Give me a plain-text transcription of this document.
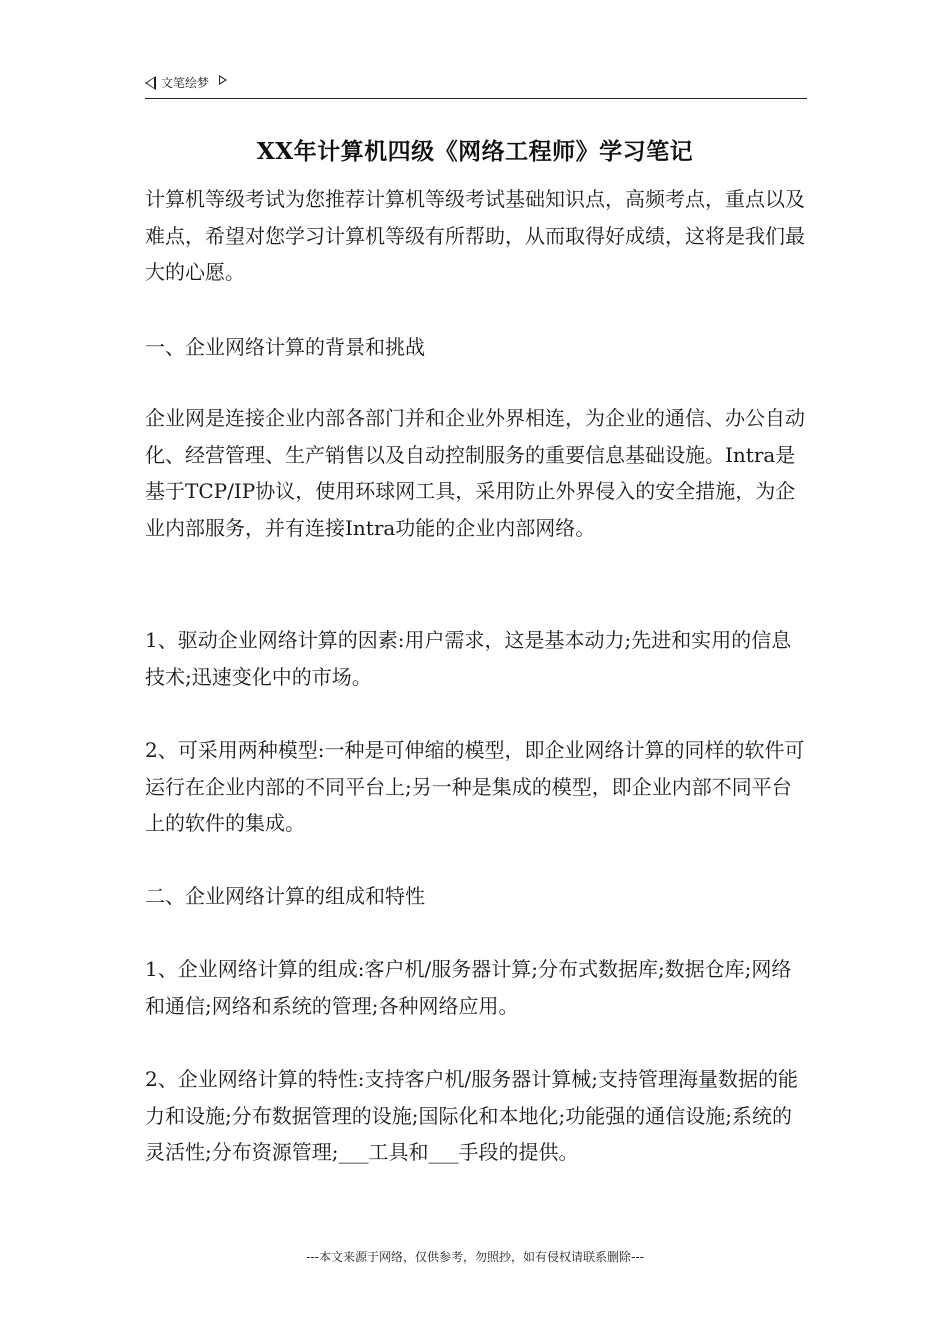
文笔绘梦
XX年计算机四级《网络工程师》学习笔记

计算机等级考试为您推荐计算机等级考试基础知识点，高频考点，重点以及难点，希望对您学习计算机等级有所帮助，从而取得好成绩，这将是我们最大的心愿。

一、企业网络计算的背景和挑战

企业网是连接企业内部各部门并和企业外界相连，为企业的通信、办公自动化、经营管理、生产销售以及自动控制服务的重要信息基础设施。Intra是基于TCP/IP协议，使用环球网工具，采用防止外界侵入的安全措施，为企业内部服务，并有连接Intra功能的企业内部网络。

1、驱动企业网络计算的因素:用户需求，这是基本动力;先进和实用的信息技术;迅速变化中的市场。

2、可采用两种模型:一种是可伸缩的模型，即企业网络计算的同样的软件可运行在企业内部的不同平台上;另一种是集成的模型，即企业内部不同平台上的软件的集成。

二、企业网络计算的组成和特性

1、企业网络计算的组成:客户机/服务器计算;分布式数据库;数据仓库;网络和通信;网络和系统的管理;各种网络应用。

2、企业网络计算的特性:支持客户机/服务器计算械;支持管理海量数据的能力和设施;分布数据管理的设施;国际化和本地化;功能强的通信设施;系统的灵活性;分布资源管理;___工具和___手段的提供。

---本文来源于网络，仅供参考，勿照抄，如有侵权请联系删除---
